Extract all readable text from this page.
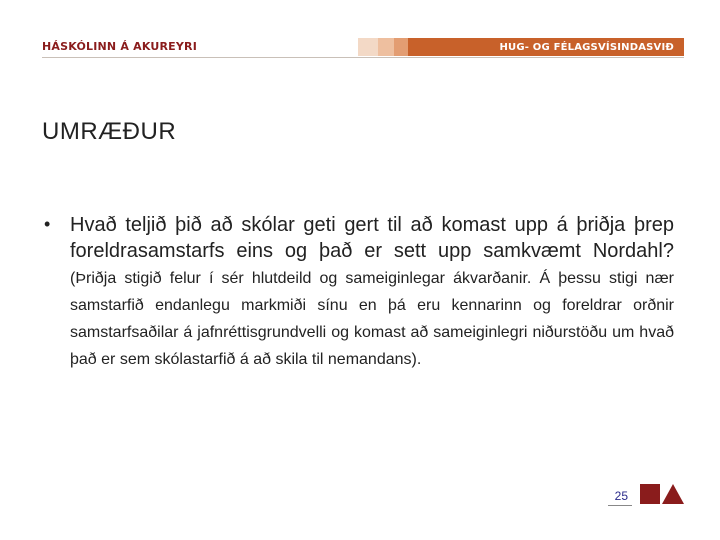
HÁSKÓLINN Á AKUREYRI	HUG- OG FÉLAGSVÍSINDASVIÐ
UMRÆÐUR
• Hvað teljið þið að skólar geti gert til að komast upp á þriðja þrep foreldrasamstarfs eins og það er sett upp samkvæmt Nordahl? (Þriðja stigið felur í sér hlutdeild og sameiginlegar ákvarðanir. Á þessu stigi nær samstarfið endanlegu markmiði sínu en þá eru kennarinn og foreldrar orðnir samstarfsaðilar á jafnréttisgrundvelli og komast að sameiginlegri niðurstöðu um hvað það er sem skólastarfið á að skila til nemandans).
25
